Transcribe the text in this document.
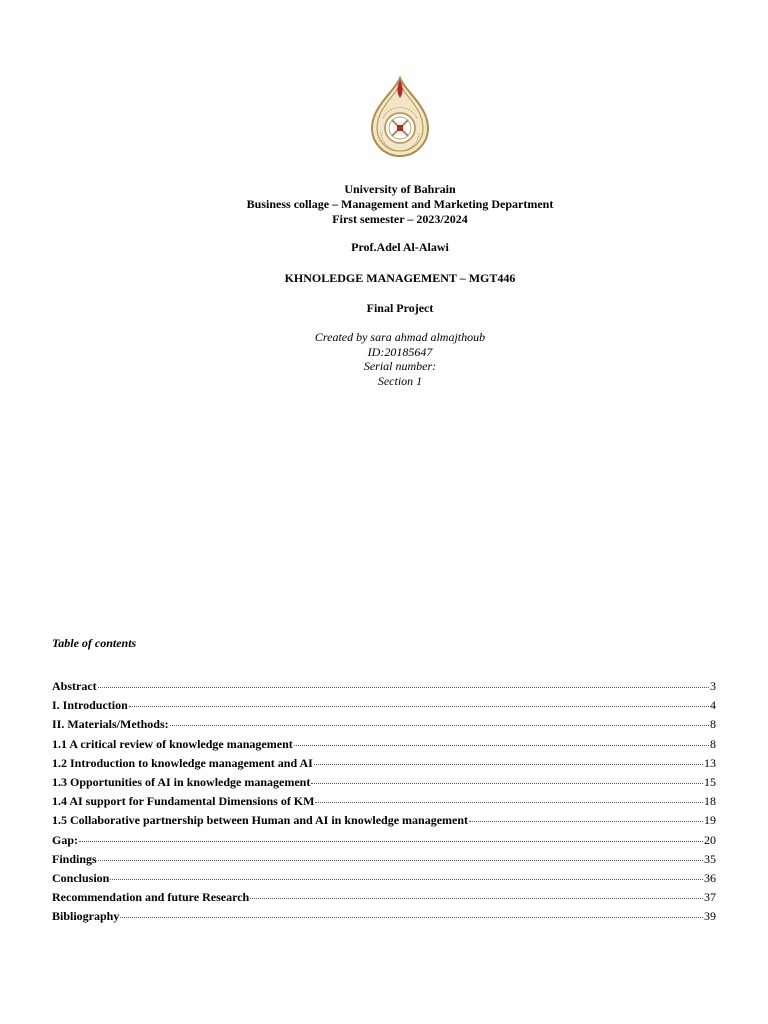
University of Bahrain
Business collage – Management and Marketing Department
First semester – 2023/2024
Prof.Adel Al-Alawi
KHNOLEDGE MANAGEMENT – MGT446
Final Project
Created by sara ahmad almajthoub
ID:20185647
Serial number:
Section 1
Table of contents
Abstract	3
I. Introduction	4
II. Materials/Methods:	8
1.1 A critical review of knowledge management	8
1.2 Introduction to knowledge management and AI	13
1.3 Opportunities of AI in knowledge management	15
1.4 AI support for Fundamental Dimensions of KM	18
1.5 Collaborative partnership between Human and AI in knowledge management	19
Gap:	20
Findings	35
Conclusion	36
Recommendation and future Research	37
Bibliography	39
